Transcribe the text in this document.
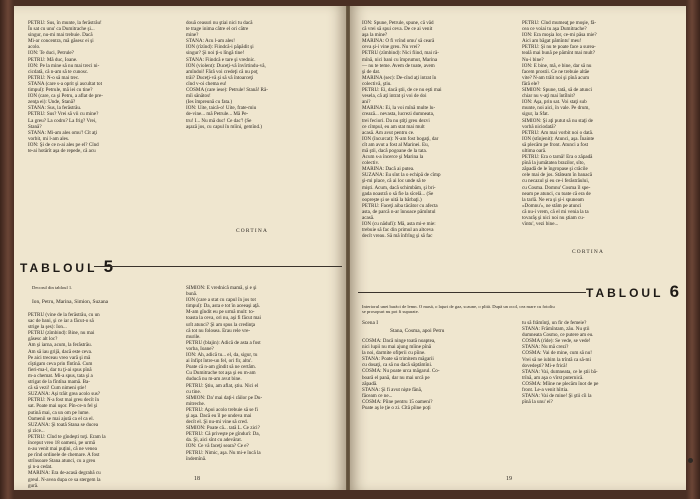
PETRU: Sus, în munte, la ferăstrău!
În sat cu unu' ca Dumitrache şi...
singur, nu-mi mai trebuie. Dacă
Mi-ar concentra, mă găsesc ei şi
acolo.
ION: Te duci, Petrule?
PETRU: Mă duc, Ioane.
ION: Pe la mine să nu mai treci ni-
cicdată, că n-am să te cunosc.
PETRU: N-o să mai trec.
STANA (care s-a oprit şi ascultat tot
timpul): Petrule, mă iei cu tine?
ION (care, ca şi Petru, a aflat de pre-
zenţa ei): Unde, Stană?
STANA: Sus, la ferăstrău.
PETRU: Sus? Vrei să vii cu mine?
La greu? La codru? La frig? Vrei,
Stană?
STANA: Mi-am ales omu'! Cît aţi
vorbit, mi l-am ales.
ION: Şi de ce n-ai ales pe el? Cînd
te-ai hotărît aşa de repede, că acu

două ceasuri nu ştiai nici tu dacă
te trage inima către el ori către
mine?
STANA: Acu l-am ales!
ION (rîzînd): Fiindcă-i păpădit şi
singur? Şi noi ţi-s lîngă tine!
STANA: Fiindcă e tare şi vrednic.
ION (violent): Duceţi-vă învîrtindu-vă,
amîndoi! Fără voi credeţi că nu poţ
trăi? Duceţi-vă şi să vă întoarceţi
cînd v-oi chema eu!
COSMA (care iese): Petrule! Stană! Ră-
mîi sănătos!
(Ies împreună cu fata.)
ION: Uite, taică-o! Uite, frate-miu
de-vine... mă Petrule... Mă Pe-
tru! I... Nu mă duc! Ce dac'! (Se
aşază jos, cu capul în mîini, gemînd.)

CORTINA
TABLOUL 5
Decorul din tabloul 1.
Ion, Petru, Marina, Simion, Suzana

PETRU (vine de la ferăstrău, cu un
sac de bani, şi ce iar a făcut-o să
strige la şes): Ion...
PETRU (zîmbind): Bine, nu mai
găsesc alt loc?
Am şi iarna, acum, la ferăstrău.
Am să iau grijă, dacă este ceva.
Pe aici treceau vreo vară şi mă
cîştigam ceva prin fîntînă. Cum
fieri-ma-l, dar tu ţi-ai spus pînă
m-a chemat. Mi-a spus, tata şi a
strigat de la fîntîna mamă. Ba-
că să vezi! Cum nimeni ştie!
SUZANA: Aşi trăit grea acolo sus?
PETRU: N-a fost mai greu decît în
sat. Poate mai uşor. Pîn-ce-n fel şi
putină mai, ca un om pe lume.
Oamenii se mai ajută ca el ca el.
SUZANA: Şi toată Stana se ducea
şi zice...
PETRU: Cînd te gîndeşti toţi. Eram la
început vreo 18 oameni, pe urmă
n-au venit mai puţini, că ne venea
pe rînd ordinele de chemare. A fost
strînsoare Stana atunci, cu a greu
şi n-a cedat.
MARINA: Era de-acasă degrabă cu
greul. N-avea dupa ce sa stergem la
gură.

SIMION: E vrednică mamă, şi e şi
bună.
ION (care a stat cu capul în jos tot
timpul): Da, asta e tot în aceeaşi aţă.
M-am gîndit eu pe urmă mult: to-
toasta la ceva, ori nu, aşi fi făcut mai
urît atunci? Şi am spus la credinţa
că tot nu folosea. Erau rele vre-
murile.
PETRU (blajin): Adică de asta a fost
vorba, Ioane?
ION: Ah, adică tu... el, da, sigur, tu
ai înfipt între-un fel, ori fir, altu'.
Poate că n-am gîndit să ne certăm.
Cu Dumitrache tot aşa şi eu m-am
duducă nu m-am avut bine.
PETRU: Ştiu, am aflat, ştiu. Nici el
cu tine.
SIMION: Da' mai daţi-i răilor pe Du-
mitreche.
PETRU: Apoi acolo trebuie să se fi
şi aşa. Dacă eu îl pe undeva mai
decît el. Şi nu-mi vine să cred.
SIMION: Poate că... tată L. Ce zici?
PETRU: Că priveşte pe gîndurî: Da,
da. Şi, aici sînt cu adevărat.
ION: Ce vă faceţi seara? Ce e?
PETRU: Nimic, aşa. Nu mi-e încă la
îndemînă.

18

ION: Spune, Petrule, spune, că văd
că vrei să spui ceva. De ce ai venit
aşa la mine?
MARINA: O fi vrînd omu' să ceară
ceva şi-i vine greu. Nu vrei?
PETRU (zîmbind): Nici fiind, mai ră-
mînă, nici bani cu împrumut, Marina
— nu te teme. Avem de toate, avem
şi de dat.
MARINA (sec): De-cînd aţi intrat în
colectivă, ştiu.
PETRU: Ei, dacă ştii, de ce nu eşti mai
vesela, că aţi intrat şi voi de doi
ani?
MARINA: Ei, la voi mînă multe lu-
crează... nevasta, lucrezi dumneata,
trei feciori. Da nu ştiţi greu dezvi
ce cîmpul, eu am stat mai mult
acasă. Am avut pentru ce.
ION (încurcat): N-am fost bogaţi, dar
cît am avut a fost al Marinei. Eu,
mă ştii, dacă pogoane de la tata.
Acum s-a încerce şi Marina la
colectiv.
MARINA: Dacă ai putea.
SUZANA: Eu sînt la o echipă de cîmp
şi-mi place, că ai loc unde să te
mişti. Acum, dacă schimbăm, şi bri-
gada noastră o să fie la sîcelă... (Se
oopreşte şi se uită la bărbaţi.)
PETRU: Faceţi aiba tăcător cu afecta
asta, de parcă n-ar înnoace pămîntul
acasă.
ION (cu nădufi): Mă, asta mi-e mie:
trebuie să fac din primul an altceva
decît vreau. Să mă înfrîng şi să fac

PETRU: Cînd mumeaţ pe moşie, fă-
cea ce voiai tu aşa Dumitrache?
ION: Era moşia lor, ce-mi păsa mie?
Aici am băgat pămîntu' meu!
PETRU: Şi nu te poate face a surea-
teală mai bună pe pămînt mai mult?
Nu-i bine?
ION: E bine, mă, e bine, dar să nu
facem prostii. Ce ne trebuie altăe
vite? N-am trăit noi şi pînă acum
fără ele?
SIMION: Spune, tată, să de atunci
chiar nu v-aţi mai întîlnit?
ION: Aşa, prin sat. Voi staţi sub
munte, noi aici, în vale. Pe drum,
sigur, la Sfat.
SIMION: Şi aţi putut să nu staţi de
vorbă niciodată?
PETRU: Am mai vorbit noi o dată.
ION (stînjenit): Atunci, aşa. Înainte
să plecăm pe front. Atunci a fost
ultima oară.
PETRU: Era o tarnă! Era o zăpadă
pînă la jumătatea brazilor, sîto,
zăpadă de le îngropase şi crăcile
cele mai de jos. Stăteam în banacă
cu necazul şi eu ce-i ferăstrăului,
cu Cosma. Domnu' Cosma îl spe-
neam pe atunci, cu toate că era de
la tarlă. Ne era şi şi-i spuneam
«Domnu'», ne stăm pe atunci
că nu-i vrem, că el mi venia la ta
tovarăş şi nici noi nu ştiam cu-
vîntu', vezi bine...

CORTINA
TABLOUL 6
Interiorul unei barăci de lemn. O masă, o laţuri de gaz, scaune, o plită. După un ocol, cea mare cu fotoliu
se prosopuri nu pot fi suparate.
Scena I
Stana, Cosma, apoi Petru

COSMA: Dacă ninge toată noaptea,
nici lupii nu mai ajung mîine pînă
la noi, darmite ofiţerii cu pîine.
STANA: Poate să trimitem măgarii
cu dosaţi, ca să nu dacă săptămîni.
COSMA: Nu poate urca măgarul. Co-
boară el pană, dar nu mai urcă pe
zăpadă.
STANA: Şi fi avut nişte fănă,
făceam ce ne...
COSMA: Pîine pentru 15 oameni?
Poate aş le ţie o zi. Cîtă pîine poţi

tu să frămînţi, un fir de femeie?
STANA: Frămîntam, zău. Nu ştii
dumneata Cosmo, ce putere am eu.
COSMA (rîde): Se vede, se vede!
STANA: Nu mă crezi?
COSMA: Vai de mine, cum să nu!
Vrei să ne iubim la trîntă ca să-mi
dovedeşti? Mi-e frică!
STANA: Vai, dumneata, ce le ştii bă-
trînă, am aşa o vîrst puternică.
COSMA: Mîine ne plecăm înot de pe
front. Le-a venit hîrtia.
STANA: Vai de mine! Şi ştii cîi la
pînă la unu' ei?

19
